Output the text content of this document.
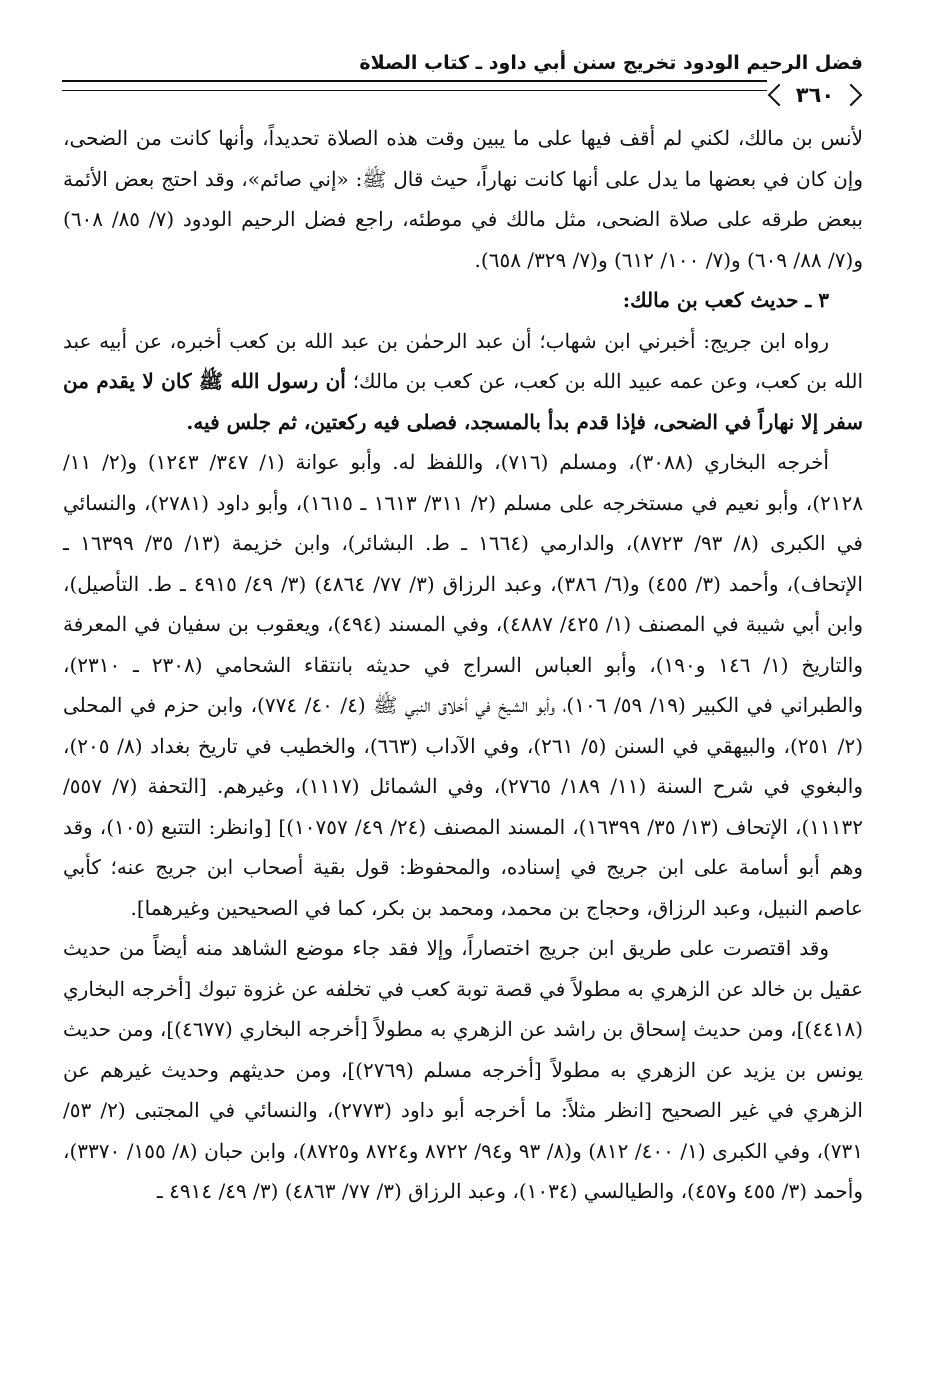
٣٦٠
فضل الرحيم الودود تخريج سنن أبي داود ـ كتاب الصلاة

لأنس بن مالك، لكني لم أقف فيها على ما يبين وقت هذه الصلاة تحديداً، وأنها كانت من الضحى، وإن كان في بعضها ما يدل على أنها كانت نهاراً، حيث قال ﷺ: «إني صائم»، وقد احتج بعض الأئمة ببعض طرقه على صلاة الضحى، مثل مالك في موطئه، راجع فضل الرحيم الودود (٧/ ٨٥/ ٦٠٨) و(٧/ ٨٨/ ٦٠٩) و(٧/ ١٠٠/ ٦١٢) و(٧/ ٣٢٩/ ٦٥٨).

٣ ـ حديث كعب بن مالك:

رواه ابن جريج: أخبرني ابن شهاب؛ أن عبد الرحمٰن بن عبد الله بن كعب أخبره، عن أبيه عبد الله بن كعب، وعن عمه عبيد الله بن كعب، عن كعب بن مالك؛ أن رسول الله ﷺ كان لا يقدم من سفر إلا نهاراً في الضحى، فإذا قدم بدأ بالمسجد، فصلى فيه ركعتين، ثم جلس فيه.

أخرجه البخاري (٣٠٨٨)، ومسلم (٧١٦)، واللفظ له. وأبو عوانة (١/ ٣٤٧/ ١٢٤٣) و(٢/ ١١/ ٢١٢٨)، وأبو نعيم في مستخرجه على مسلم (٢/ ٣١١/ ١٦١٣ ـ ١٦١٥)، وأبو داود (٢٧٨١)، والنسائي في الكبرى (٨/ ٩٣/ ٨٧٢٣)، والدارمي (١٦٦٤ ـ ط. البشائر)، وابن خزيمة (١٣/ ٣٥/ ١٦٣٩٩ ـ الإتحاف)، وأحمد (٣/ ٤٥٥) و(٦/ ٣٨٦)، وعبد الرزاق (٣/ ٧٧/ ٤٨٦٤) (٣/ ٤٩/ ٤٩١٥ ـ ط. التأصيل)، وابن أبي شيبة في المصنف (١/ ٤٢٥/ ٤٨٨٧)، وفي المسند (٤٩٤)، ويعقوب بن سفيان في المعرفة والتاريخ (١/ ١٤٦ و١٩٠)، وأبو العباس السراج في حديثه بانتقاء الشحامي (٢٣٠٨ ـ ٢٣١٠)، والطبراني في الكبير (١٩/ ٥٩/ ١٠٦)، وأبو الشيخ في أخلاق النبي ﷺ (٤/ ٤٠/ ٧٧٤)، وابن حزم في المحلى (٢/ ٢٥١)، والبيهقي في السنن (٥/ ٢٦١)، وفي الآداب (٦٦٣)، والخطيب في تاريخ بغداد (٨/ ٢٠٥)، والبغوي في شرح السنة (١١/ ١٨٩/ ٢٧٦٥)، وفي الشمائل (١١١٧)، وغيرهم. [التحفة (٧/ ٥٥٧/ ١١١٣٢)، الإتحاف (١٣/ ٣٥/ ١٦٣٩٩)، المسند المصنف (٢٤/ ٤٩/ ١٠٧٥٧)] [وانظر: التتبع (١٠٥)، وقد وهم أبو أسامة على ابن جريج في إسناده، والمحفوظ: قول بقية أصحاب ابن جريج عنه؛ كأبي عاصم النبيل، وعبد الرزاق، وحجاج بن محمد، ومحمد بن بكر، كما في الصحيحين وغيرهما].

وقد اقتصرت على طريق ابن جريج اختصاراً، وإلا فقد جاء موضع الشاهد منه أيضاً من حديث عقيل بن خالد عن الزهري به مطولاً في قصة توبة كعب في تخلفه عن غزوة تبوك [أخرجه البخاري (٤٤١٨)]، ومن حديث إسحاق بن راشد عن الزهري به مطولاً [أخرجه البخاري (٤٦٧٧)]، ومن حديث يونس بن يزيد عن الزهري به مطولاً [أخرجه مسلم (٢٧٦٩)]، ومن حديثهم وحديث غيرهم عن الزهري في غير الصحيح [انظر مثلاً: ما أخرجه أبو داود (٢٧٧٣)، والنسائي في المجتبى (٢/ ٥٣/ ٧٣١)، وفي الكبرى (١/ ٤٠٠/ ٨١٢) و(٨/ ٩٣ و٩٤/ ٨٧٢٢ و٨٧٢٤ و٨٧٢٥)، وابن حبان (٨/ ١٥٥/ ٣٣٧٠)، وأحمد (٣/ ٤٥٥ و٤٥٧)، والطيالسي (١٠٣٤)، وعبد الرزاق (٣/ ٧٧/ ٤٨٦٣) (٣/ ٤٩/ ٤٩١٤ ـ
